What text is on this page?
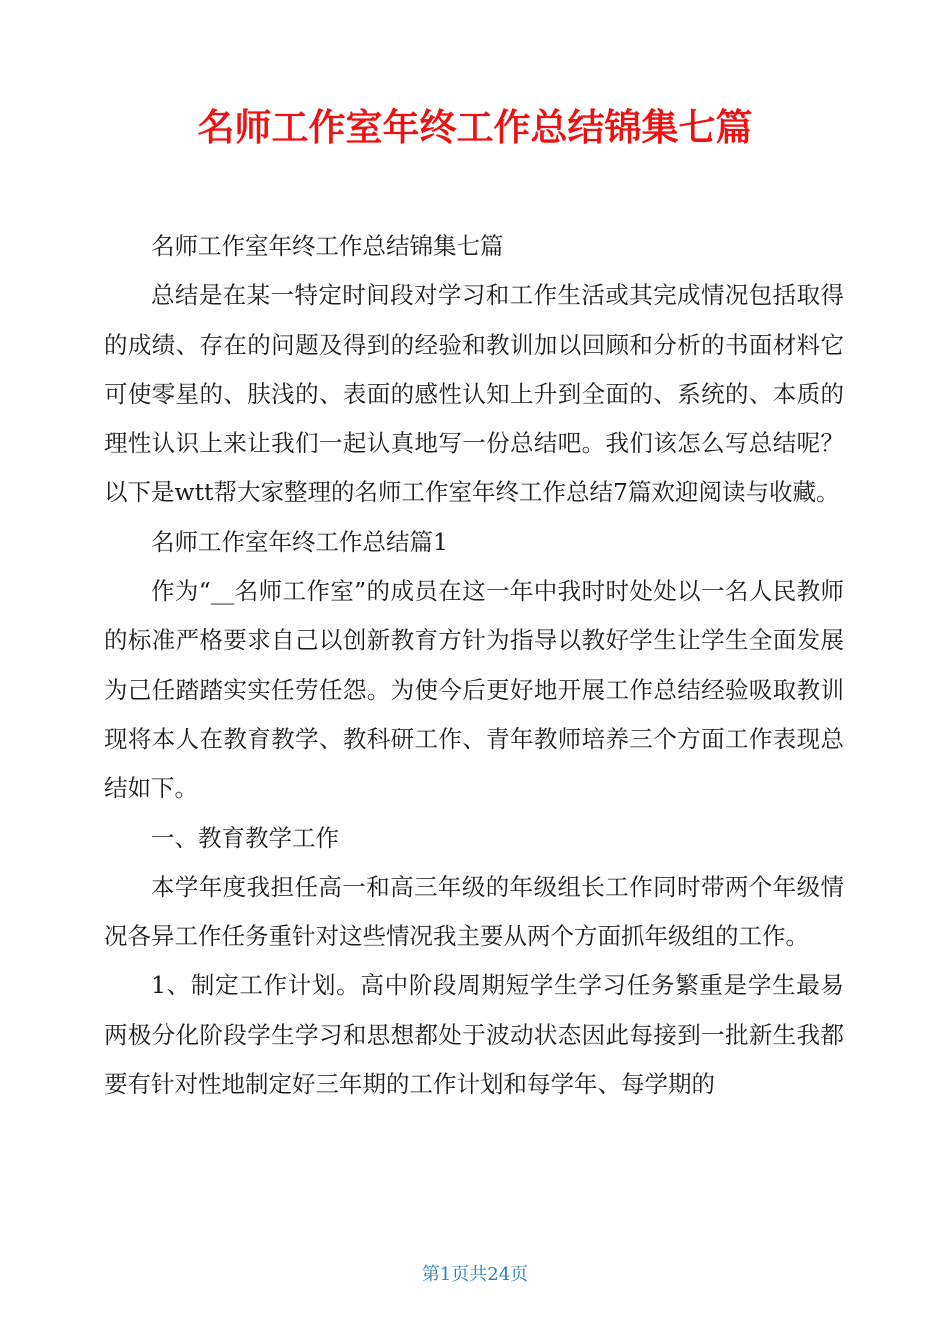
名师工作室年终工作总结锦集七篇

名师工作室年终工作总结锦集七篇

总结是在某一特定时间段对学习和工作生活或其完成情况包括取得的成绩、存在的问题及得到的经验和教训加以回顾和分析的书面材料它可使零星的、肤浅的、表面的感性认知上升到全面的、系统的、本质的理性认识上来让我们一起认真地写一份总结吧。我们该怎么写总结呢？以下是wtt帮大家整理的名师工作室年终工作总结7篇欢迎阅读与收藏。

名师工作室年终工作总结篇1

作为“__名师工作室”的成员在这一年中我时时处处以一名人民教师的标准严格要求自己以创新教育方针为指导以教好学生让学生全面发展为己任踏踏实实任劳任怨。为使今后更好地开展工作总结经验吸取教训现将本人在教育教学、教科研工作、青年教师培养三个方面工作表现总结如下。

一、教育教学工作

本学年度我担任高一和高三年级的年级组长工作同时带两个年级情况各异工作任务重针对这些情况我主要从两个方面抓年级组的工作。

1、制定工作计划。高中阶段周期短学生学习任务繁重是学生最易两极分化阶段学生学习和思想都处于波动状态因此每接到一批新生我都要有针对性地制定好三年期的工作计划和每学年、每学期的

第1页共24页
